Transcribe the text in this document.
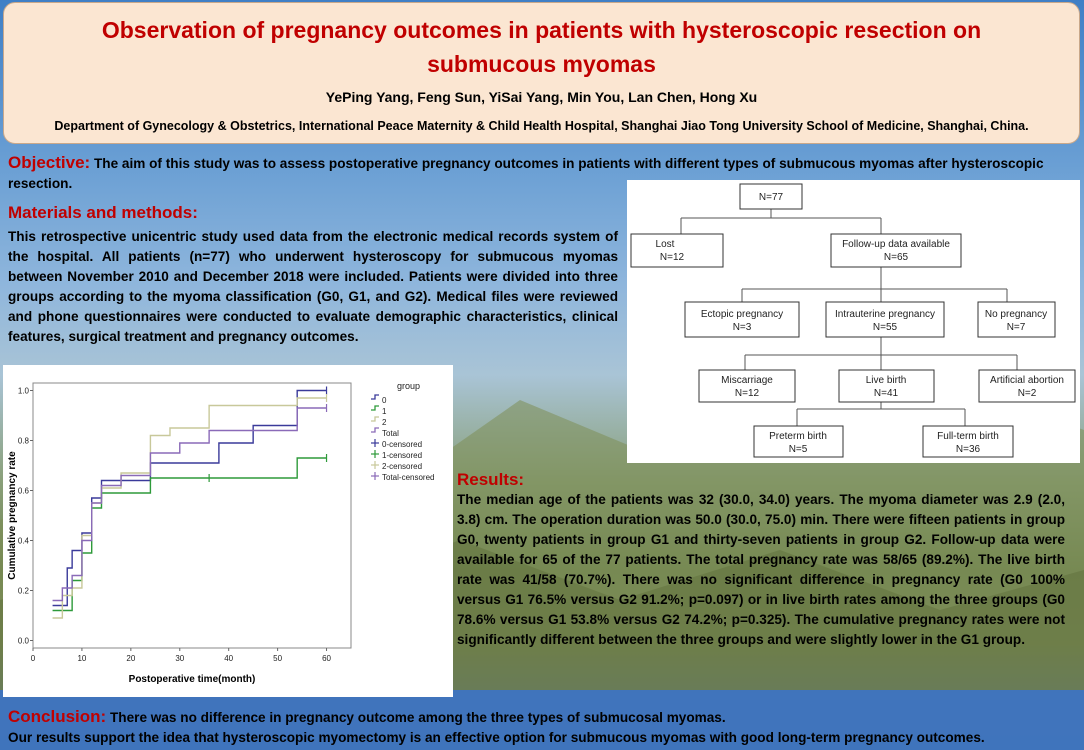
Observation of pregnancy outcomes in patients with hysteroscopic resection on submucous myomas
YePing Yang, Feng Sun, YiSai Yang, Min You, Lan Chen, Hong Xu
Department of Gynecology & Obstetrics, International Peace Maternity & Child Health Hospital, Shanghai Jiao Tong University School of Medicine, Shanghai, China.
Objective: The aim of this study was to assess postoperative pregnancy outcomes in patients with different types of submucous myomas after hysteroscopic resection.
Materials and methods:
This retrospective unicentric study used data from the electronic medical records system of the hospital. All patients (n=77) who underwent hysteroscopy for submucous myomas between November 2010 and December 2018 were included. Patients were divided into three groups according to the myoma classification (G0, G1, and G2). Medical files were reviewed and phone questionnaires were conducted to evaluate demographic characteristics, clinical features, surgical treatment and pregnancy outcomes.
0	10	20	30	40	50	60
0.0
0.2
0.4
0.6
0.8
1.0
Postoperative time(month)
Cumulative pregnancy rate
group
0
1
2
Total
0-censored
1-censored
2-censored
Total-censored
N=77
Lost
N=12
Follow-up data available
N=65
Ectopic pregnancy
N=3
Intrauterine pregnancy
N=55
No pregnancy
N=7
Miscarriage
N=12
Live birth
N=41
Artificial abortion
N=2
Preterm birth
N=5
Full-term birth
N=36
Results:
The median age of the patients was 32 (30.0, 34.0) years. The myoma diameter was 2.9 (2.0, 3.8) cm. The operation duration was 50.0 (30.0, 75.0) min. There were fifteen patients in group G0, twenty patients in group G1 and thirty-seven patients in group G2. Follow-up data were available for 65 of the 77 patients. The total pregnancy rate was 58/65 (89.2%). The live birth rate was 41/58 (70.7%). There was no significant difference in pregnancy rate (G0 100% versus G1 76.5% versus G2 91.2%; p=0.097) or in live birth rates among the three groups (G0 78.6% versus G1 53.8% versus G2 74.2%; p=0.325). The cumulative pregnancy rates were not significantly different between the three groups and were slightly lower in the G1 group.
Conclusion: There was no difference in pregnancy outcome among the three types of submucosal myomas.
Our results support the idea that hysteroscopic myomectomy is an effective option for submucous myomas with good long-term pregnancy outcomes.
